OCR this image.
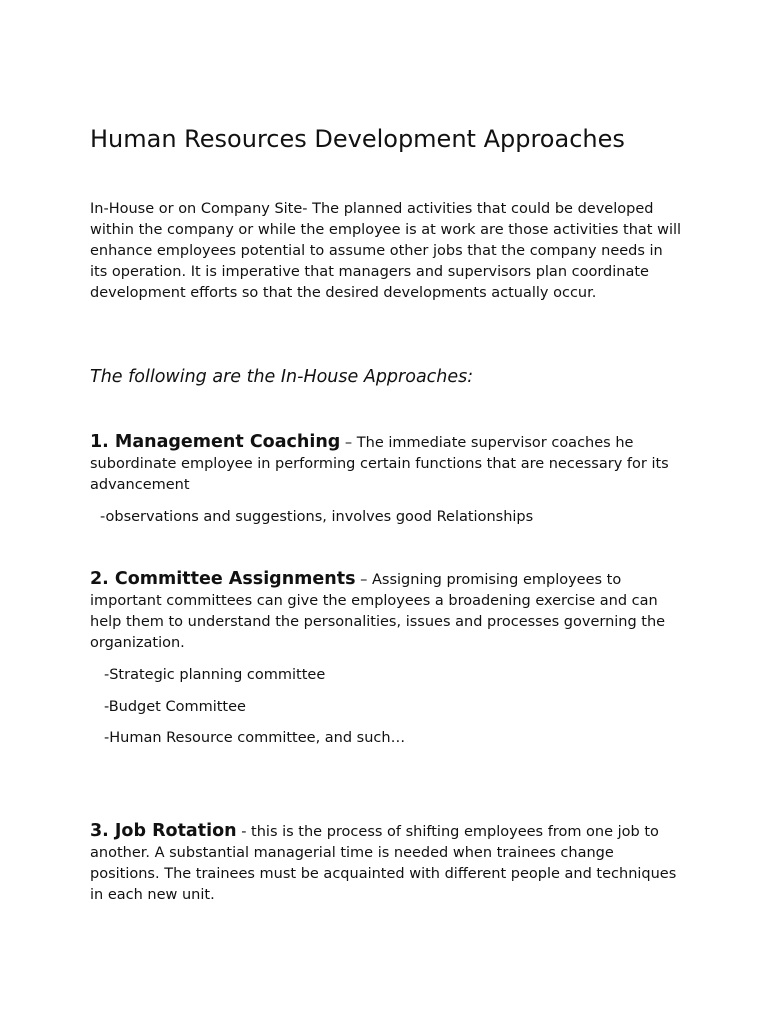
Human Resources Development Approaches

In-House or on Company Site- The planned activities that could be developed within the company or while the employee is at work are those activities that will enhance employees potential to assume other jobs that the company needs in its operation. It is imperative that managers and supervisors plan coordinate development efforts so that the desired developments actually occur.

The following are the In-House Approaches:

1. Management Coaching – The immediate supervisor coaches he subordinate employee in performing certain functions that are necessary for its advancement

-observations and suggestions, involves good Relationships

2. Committee Assignments – Assigning promising employees to important committees can give the employees a broadening exercise and can help them to understand the personalities, issues and processes governing the organization.

-Strategic planning committee

-Budget Committee

-Human Resource committee, and such…

3. Job Rotation - this is the process of shifting employees from one job to another. A substantial managerial time is needed when trainees change positions. The trainees must be acquainted with different people and techniques in each new unit.
